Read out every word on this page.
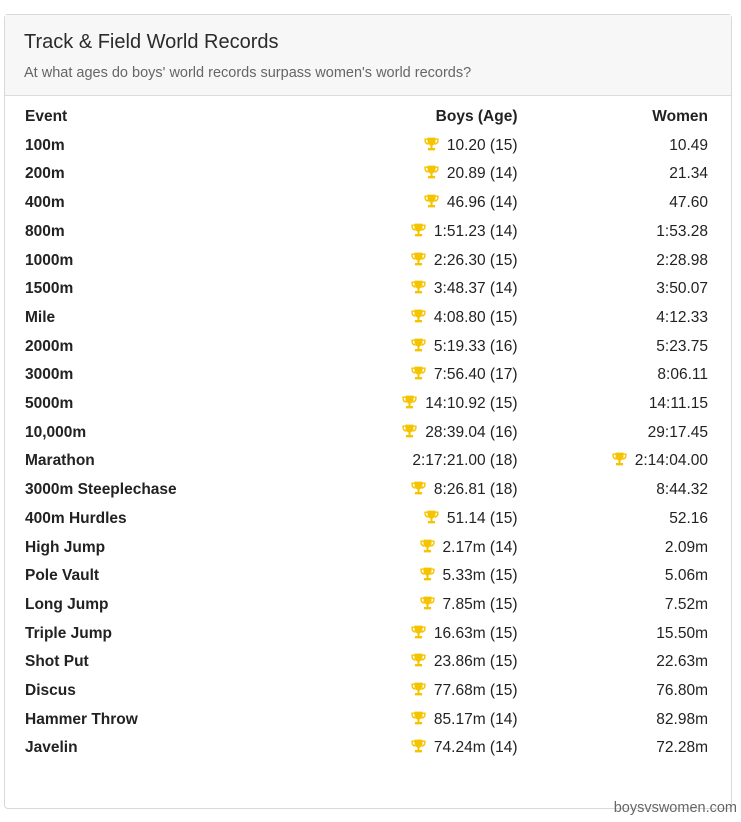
Track & Field World Records
At what ages do boys' world records surpass women's world records?
Event	Boys (Age)	Women
100m	10.20 (15)	10.49
200m	20.89 (14)	21.34
400m	46.96 (14)	47.60
800m	1:51.23 (14)	1:53.28
1000m	2:26.30 (15)	2:28.98
1500m	3:48.37 (14)	3:50.07
Mile	4:08.80 (15)	4:12.33
2000m	5:19.33 (16)	5:23.75
3000m	7:56.40 (17)	8:06.11
5000m	14:10.92 (15)	14:11.15
10,000m	28:39.04 (16)	29:17.45
Marathon	2:17:21.00 (18)	2:14:04.00
3000m Steeplechase	8:26.81 (18)	8:44.32
400m Hurdles	51.14 (15)	52.16
High Jump	2.17m (14)	2.09m
Pole Vault	5.33m (15)	5.06m
Long Jump	7.85m (15)	7.52m
Triple Jump	16.63m (15)	15.50m
Shot Put	23.86m (15)	22.63m
Discus	77.68m (15)	76.80m
Hammer Throw	85.17m (14)	82.98m
Javelin	74.24m (14)	72.28m
boysvswomen.com
